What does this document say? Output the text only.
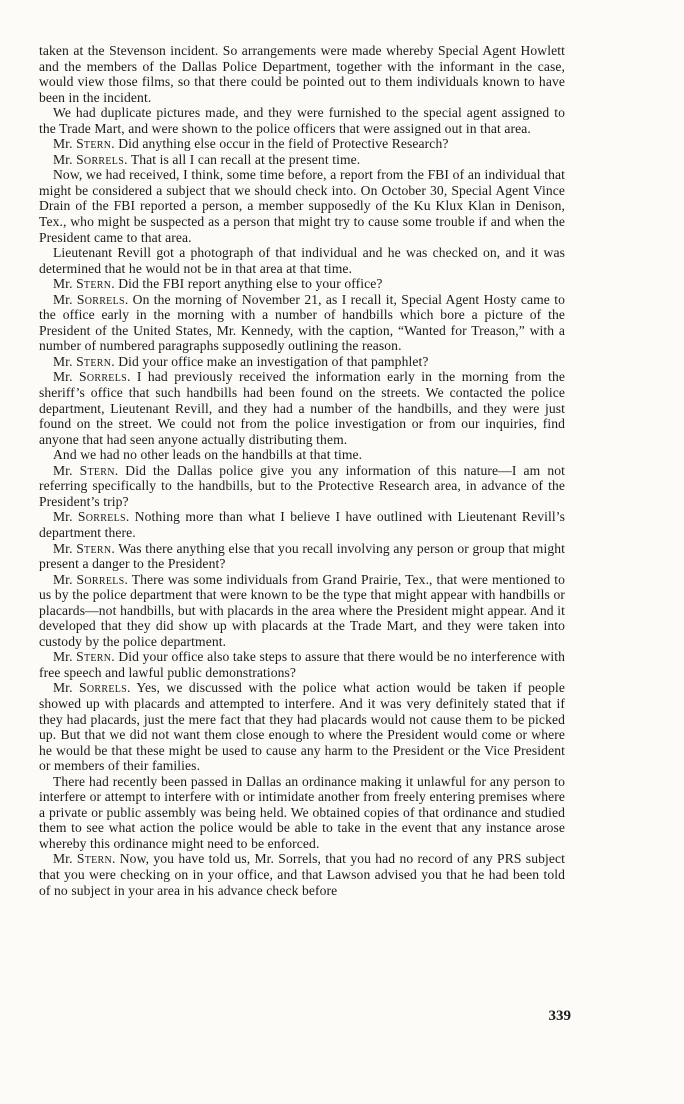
taken at the Stevenson incident. So arrangements were made whereby Special Agent Howlett and the members of the Dallas Police Department, together with the informant in the case, would view those films, so that there could be pointed out to them individuals known to have been in the incident.

We had duplicate pictures made, and they were furnished to the special agent assigned to the Trade Mart, and were shown to the police officers that were assigned out in that area.

Mr. Stern. Did anything else occur in the field of Protective Research?

Mr. Sorrels. That is all I can recall at the present time.

Now, we had received, I think, some time before, a report from the FBI of an individual that might be considered a subject that we should check into. On October 30, Special Agent Vince Drain of the FBI reported a person, a member supposedly of the Ku Klux Klan in Denison, Tex., who might be suspected as a person that might try to cause some trouble if and when the President came to that area.

Lieutenant Revill got a photograph of that individual and he was checked on, and it was determined that he would not be in that area at that time.

Mr. Stern. Did the FBI report anything else to your office?

Mr. Sorrels. On the morning of November 21, as I recall it, Special Agent Hosty came to the office early in the morning with a number of handbills which bore a picture of the President of the United States, Mr. Kennedy, with the caption, “Wanted for Treason,” with a number of numbered paragraphs supposedly outlining the reason.

Mr. Stern. Did your office make an investigation of that pamphlet?

Mr. Sorrels. I had previously received the information early in the morning from the sheriff’s office that such handbills had been found on the streets. We contacted the police department, Lieutenant Revill, and they had a number of the handbills, and they were just found on the street. We could not from the police investigation or from our inquiries, find anyone that had seen anyone actually distributing them.

And we had no other leads on the handbills at that time.

Mr. Stern. Did the Dallas police give you any information of this nature—I am not referring specifically to the handbills, but to the Protective Research area, in advance of the President’s trip?

Mr. Sorrels. Nothing more than what I believe I have outlined with Lieutenant Revill’s department there.

Mr. Stern. Was there anything else that you recall involving any person or group that might present a danger to the President?

Mr. Sorrels. There was some individuals from Grand Prairie, Tex., that were mentioned to us by the police department that were known to be the type that might appear with handbills or placards—not handbills, but with placards in the area where the President might appear. And it developed that they did show up with placards at the Trade Mart, and they were taken into custody by the police department.

Mr. Stern. Did your office also take steps to assure that there would be no interference with free speech and lawful public demonstrations?

Mr. Sorrels. Yes, we discussed with the police what action would be taken if people showed up with placards and attempted to interfere. And it was very definitely stated that if they had placards, just the mere fact that they had placards would not cause them to be picked up. But that we did not want them close enough to where the President would come or where he would be that these might be used to cause any harm to the President or the Vice President or members of their families.

There had recently been passed in Dallas an ordinance making it unlawful for any person to interfere or attempt to interfere with or intimidate another from freely entering premises where a private or public assembly was being held. We obtained copies of that ordinance and studied them to see what action the police would be able to take in the event that any instance arose whereby this ordinance might need to be enforced.

Mr. Stern. Now, you have told us, Mr. Sorrels, that you had no record of any PRS subject that you were checking on in your office, and that Lawson advised you that he had been told of no subject in your area in his advance check before

339
